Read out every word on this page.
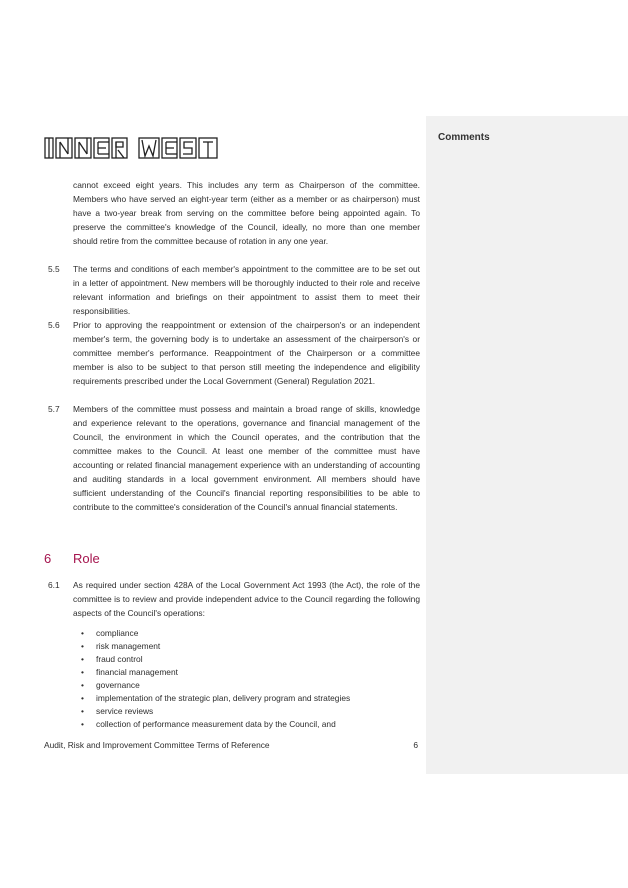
Comments
cannot exceed eight years. This includes any term as Chairperson of the committee. Members who have served an eight-year term (either as a member or as chairperson) must have a two-year break from serving on the committee before being appointed again. To preserve the committee's knowledge of the Council, ideally, no more than one member should retire from the committee because of rotation in any one year.
5.5 The terms and conditions of each member's appointment to the committee are to be set out in a letter of appointment. New members will be thoroughly inducted to their role and receive relevant information and briefings on their appointment to assist them to meet their responsibilities.
5.6 Prior to approving the reappointment or extension of the chairperson's or an independent member's term, the governing body is to undertake an assessment of the chairperson's or committee member's performance. Reappointment of the Chairperson or a committee member is also to be subject to that person still meeting the independence and eligibility requirements prescribed under the Local Government (General) Regulation 2021.
5.7 Members of the committee must possess and maintain a broad range of skills, knowledge and experience relevant to the operations, governance and financial management of the Council, the environment in which the Council operates, and the contribution that the committee makes to the Council. At least one member of the committee must have accounting or related financial management experience with an understanding of accounting and auditing standards in a local government environment. All members should have sufficient understanding of the Council's financial reporting responsibilities to be able to contribute to the committee's consideration of the Council's annual financial statements.
6 Role
6.1 As required under section 428A of the Local Government Act 1993 (the Act), the role of the committee is to review and provide independent advice to the Council regarding the following aspects of the Council's operations:
• compliance
• risk management
• fraud control
• financial management
• governance
• implementation of the strategic plan, delivery program and strategies
• service reviews
• collection of performance measurement data by the Council, and
Audit, Risk and Improvement Committee Terms of Reference	6
